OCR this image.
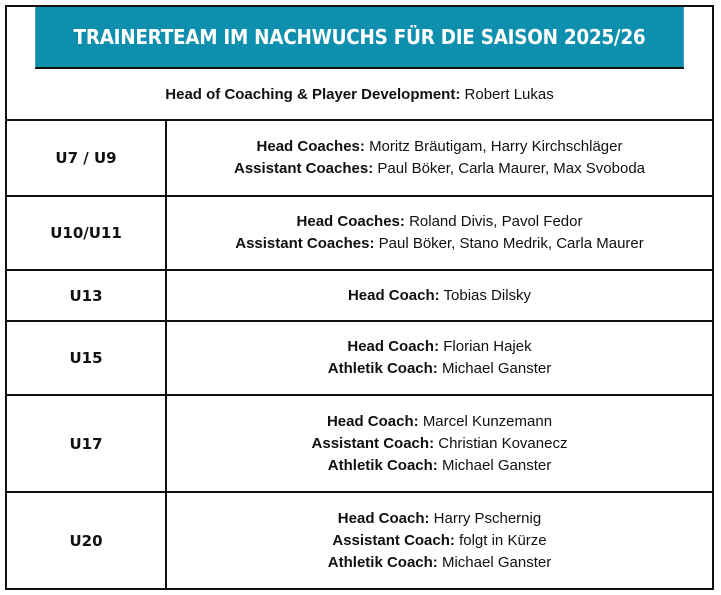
TRAINERTEAM IM NACHWUCHS FÜR DIE SAISON 2025/26
Head of Coaching & Player Development: Robert Lukas
U7 / U9
Head Coaches: Moritz Bräutigam, Harry Kirchschläger
Assistant Coaches: Paul Böker, Carla Maurer, Max Svoboda
U10/U11
Head Coaches: Roland Divis, Pavol Fedor
Assistant Coaches: Paul Böker, Stano Medrik, Carla Maurer
U13	Head Coach: Tobias Dilsky
U15
Head Coach: Florian Hajek
Athletik Coach: Michael Ganster
U17
Head Coach: Marcel Kunzemann
Assistant Coach: Christian Kovanecz
Athletik Coach: Michael Ganster
U20
Head Coach: Harry Pschernig
Assistant Coach: folgt in Kürze
Athletik Coach: Michael Ganster
